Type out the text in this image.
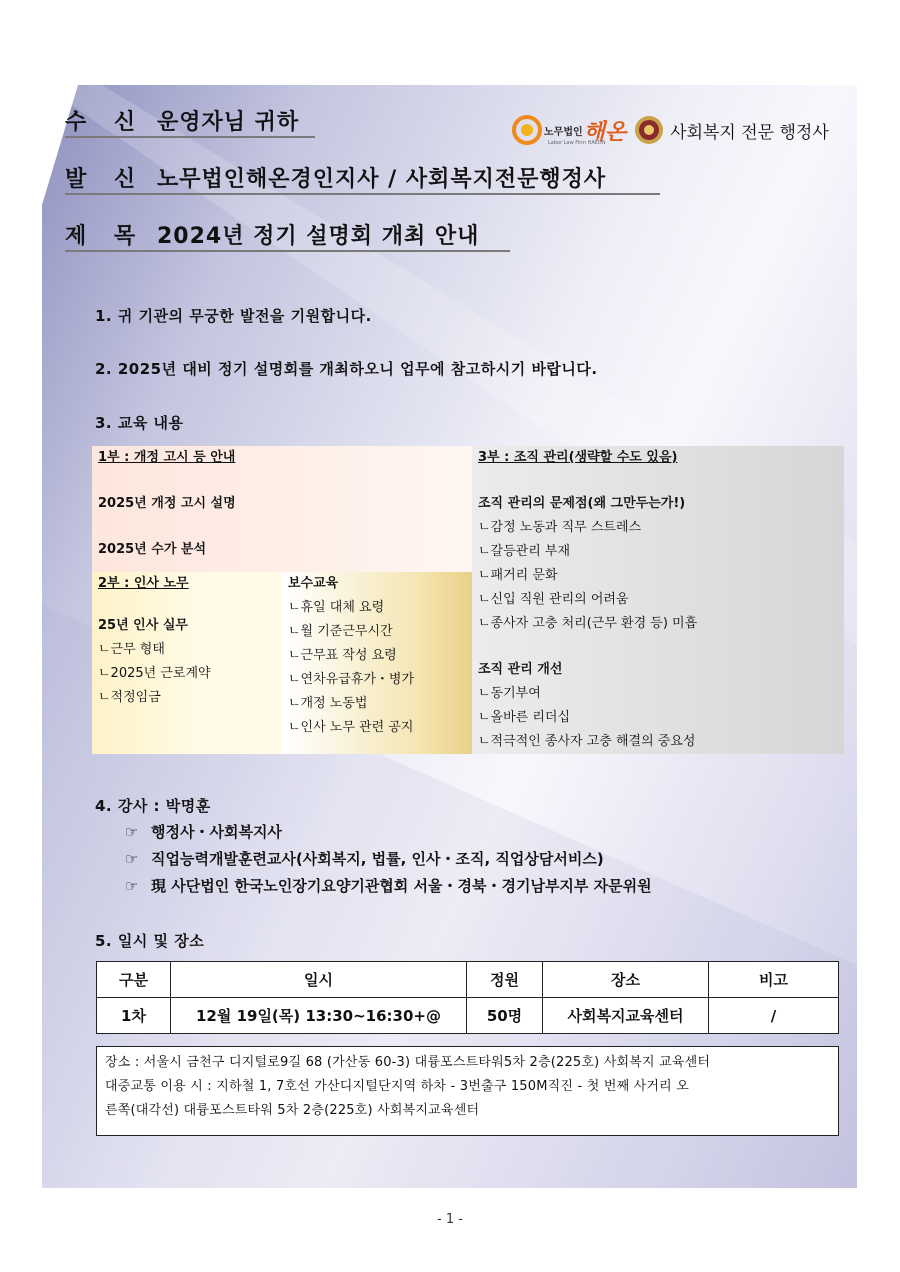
수 신 운영자님 귀하	노무법인 해온
Labor Law Firm HAEON
사회복지 전문 행정사
발 신 노무법인해온경인지사 / 사회복지전문행정사
제 목 2024년 정기 설명회 개최 안내
1. 귀 기관의 무궁한 발전을 기원합니다.
2. 2025년 대비 정기 설명회를 개최하오니 업무에 참고하시기 바랍니다.
3. 교육 내용
1부 : 개정 고시 등 안내
2025년 개정 고시 설명
2025년 수가 분석
2부 : 인사 노무
25년 인사 실무
ㄴ근무 형태
ㄴ2025년 근로계약
ㄴ적정임금
보수교육
ㄴ휴일 대체 요령
ㄴ월 기준근무시간
ㄴ근무표 작성 요령
ㄴ연차유급휴가・병가
ㄴ개정 노동법
ㄴ인사 노무 관련 공지
3부 : 조직 관리(생략할 수도 있음)
조직 관리의 문제점(왜 그만두는가!)
ㄴ감정 노동과 직무 스트레스
ㄴ갈등관리 부재
ㄴ패거리 문화
ㄴ신입 직원 관리의 어려움
ㄴ종사자 고충 처리(근무 환경 등) 미흡
조직 관리 개선
ㄴ동기부여
ㄴ올바른 리더십
ㄴ적극적인 종사자 고충 해결의 중요성
4. 강사 : 박명훈
☞ 행정사・사회복지사
☞ 직업능력개발훈련교사(사회복지, 법률, 인사・조직, 직업상담서비스)
☞ 現 사단법인 한국노인장기요양기관협회 서울・경북・경기남부지부 자문위원
5. 일시 및 장소
구분	일시	정원	장소	비고
1차	12월 19일(목) 13:30~16:30+@	50명	사회복지교육센터	/
장소 : 서울시 금천구 디지털로9길 68 (가산동 60-3) 대륭포스트타워5차 2층(225호) 사회복지 교육센터
대중교통 이용 시 : 지하철 1, 7호선 가산디지털단지역 하차 - 3번출구 150M직진 - 첫 번째 사거리 오
른쪽(대각선) 대륭포스트타워 5차 2층(225호) 사회복지교육센터
- 1 -
